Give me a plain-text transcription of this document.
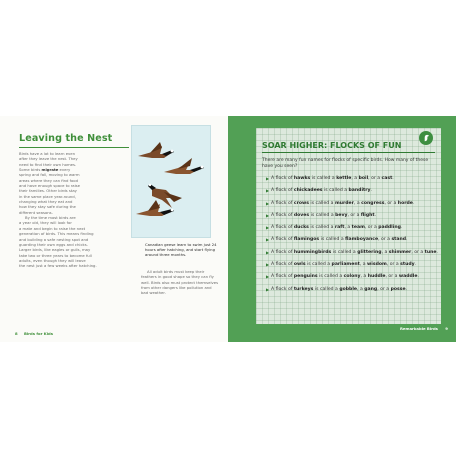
Leaving the Nest

Birds have a lot to learn even
after they leave the nest. They
need to find their own homes.
Some birds migrate every
spring and fall, moving to warm
areas where they can find food
and have enough space to raise
their families. Other birds stay
in the same place year-round,
changing what they eat and
how they stay safe during the
different seasons.

By the time most birds are
a year old, they will look for
a mate and begin to raise the next
generation of birds. This means finding
and building a safe nesting spot and
guarding their own eggs and chicks.
Larger birds, like eagles or gulls, may
take two or three years to become full
adults, even though they will leave
the nest just a few weeks after hatching.

Canadian geese learn to swim just 24 hours after hatching, and start flying around three months.

All adult birds must keep their
feathers in good shape so they can fly
well. Birds also must protect themselves
from other dangers like pollution and
bad weather.

8 Birds for Kids
SOAR HIGHER: FLOCKS OF FUN
There are many fun names for flocks of specific birds. How many of these have you seen?
▶ A flock of hawks is called a kettle, a boil, or a cast.
▶ A flock of chickadees is called a banditry.
▶ A flock of crows is called a murder, a congress, or a horde.
▶ A flock of doves is called a bevy, or a flight.
▶ A flock of ducks is called a raft, a team, or a paddling.
▶ A flock of flamingos is called a flamboyance, or a stand.
▶ A flock of hummingbirds is called a glittering, a shimmer, or a tune.
▶ A flock of owls is called a parliament, a wisdom, or a study.
▶ A flock of penguins is called a colony, a huddle, or a waddle.
▶ A flock of turkeys is called a gobble, a gang, or a posse.
Remarkable Birds 9
